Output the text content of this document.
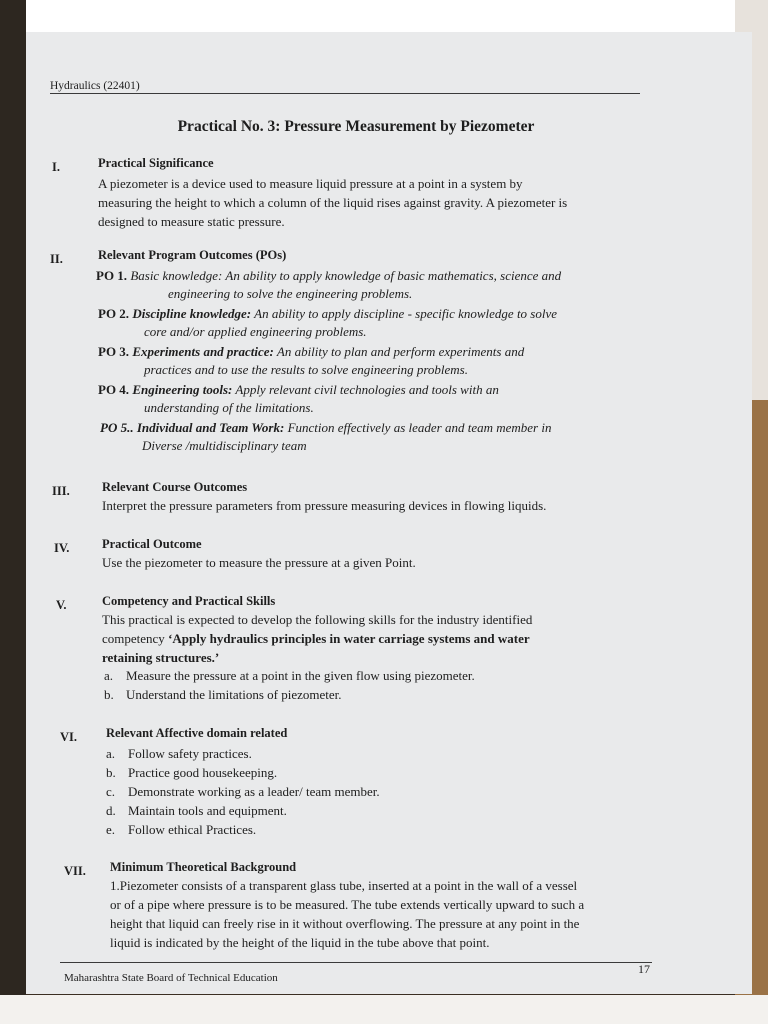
Hydraulics (22401)
Practical No. 3: Pressure Measurement by Piezometer
I.	Practical Significance
A piezometer is a device used to measure liquid pressure at a point in a system by
measuring the height to which a column of the liquid rises against gravity. A piezometer is
designed to measure static pressure.
II.	Relevant Program Outcomes (POs)
PO 1. Basic knowledge: An ability to apply knowledge of basic mathematics, science and
engineering to solve the engineering problems.
PO 2. Discipline knowledge: An ability to apply discipline - specific knowledge to solve
core and/or applied engineering problems.
PO 3. Experiments and practice: An ability to plan and perform experiments and
practices and to use the results to solve engineering problems.
PO 4. Engineering tools: Apply relevant civil technologies and tools with an
understanding of the limitations.
PO 5.. Individual and Team Work: Function effectively as leader and team member in
Diverse /multidisciplinary team
III.	Relevant Course Outcomes
Interpret the pressure parameters from pressure measuring devices in flowing liquids.
IV.	Practical Outcome
Use the piezometer to measure the pressure at a given Point.
V.	Competency and Practical Skills
This practical is expected to develop the following skills for the industry identified
competency ‘Apply hydraulics principles in water carriage systems and water
retaining structures.’
a. Measure the pressure at a point in the given flow using piezometer.
b. Understand the limitations of piezometer.
VI. Relevant Affective domain related
a. Follow safety practices.
b. Practice good housekeeping.
c. Demonstrate working as a leader/ team member.
d. Maintain tools and equipment.
e. Follow ethical Practices.
VII. Minimum Theoretical Background
1.Piezometer consists of a transparent glass tube, inserted at a point in the wall of a vessel
or of a pipe where pressure is to be measured. The tube extends vertically upward to such a
height that liquid can freely rise in it without overflowing. The pressure at any point in the
liquid is indicated by the height of the liquid in the tube above that point.
Maharashtra State Board of Technical Education
17
